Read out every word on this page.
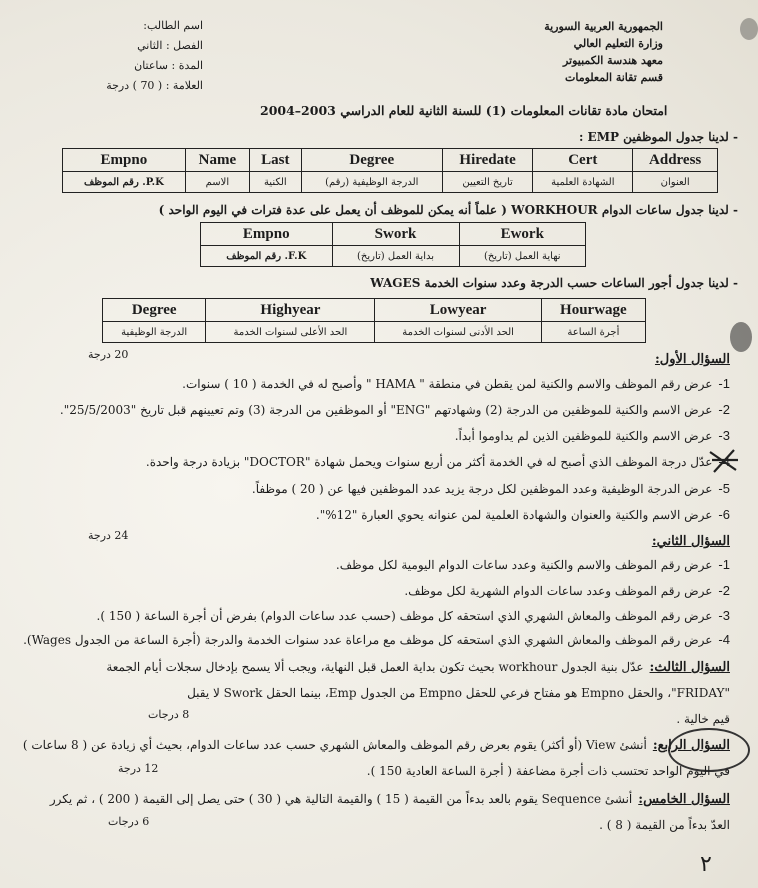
الجمهورية العربية السورية
وزارة التعليم العالي
معهد هندسة الكمبيوتر
قسم تقانة المعلومات
اسم الطالب:
الفصل : الثاني
المدة : ساعتان
العلامة : ( 70 ) درجة
امتحان مادة تقانات المعلومات (1) للسنة الثانية للعام الدراسي 2003–2004
- لدينا جدول الموظفين EMP :
Empno	Name	Last	Degree	Hiredate	Cert	Address
P.K. رقم الموظف	الاسم	الكنية	الدرجة الوظيفية (رقم)	تاريخ التعيين	الشهادة العلمية	العنوان
- لدينا جدول ساعات الدوام WORKHOUR ( علماً أنه يمكن للموظف أن يعمل على عدة فترات في اليوم الواحد )
Empno	Swork	Ework
F.K. رقم الموظف	بداية العمل (تاريخ)	نهاية العمل (تاريخ)
- لدينا جدول أجور الساعات حسب الدرجة وعدد سنوات الخدمة WAGES
Degree	Highyear	Lowyear	Hourwage
الدرجة الوظيفية	الحد الأعلى لسنوات الخدمة	الحد الأدنى لسنوات الخدمة	أجرة الساعة
السؤال الأول:
20 درجة
1-عرض رقم الموظف والاسم والكنية لمن يقطن في منطقة " HAMA " وأصبح له في الخدمة ( 10 ) سنوات.
2-عرض الاسم والكنية للموظفين من الدرجة (2) وشهادتهم "ENG" أو الموظفين من الدرجة (3) وتم تعيينهم قبل تاريخ "25/5/2003".
3-عرض الاسم والكنية للموظفين الذين لم يداوموا أبداً.
4-عدّل درجة الموظف الذي أصبح له في الخدمة أكثر من أربع سنوات ويحمل شهادة "DOCTOR" بزيادة درجة واحدة.
5-عرض الدرجة الوظيفية وعدد الموظفين لكل درجة يزيد عدد الموظفين فيها عن ( 20 ) موظفاً.
6-عرض الاسم والكنية والعنوان والشهادة العلمية لمن عنوانه يحوي العبارة "12%".
السؤال الثاني:
24 درجة
1-عرض رقم الموظف والاسم والكنية وعدد ساعات الدوام اليومية لكل موظف.
2-عرض رقم الموظف وعدد ساعات الدوام الشهرية لكل موظف.
3-عرض رقم الموظف والمعاش الشهري الذي استحقه كل موظف (حسب عدد ساعات الدوام) بفرض أن أجرة الساعة ( 150 ).
4-عرض رقم الموظف والمعاش الشهري الذي استحقه كل موظف مع مراعاة عدد سنوات الخدمة والدرجة (أجرة الساعة من الجدول Wages).
السؤال الثالث:عدّل بنية الجدول workhour بحيث تكون بداية العمل قبل النهاية، ويجب ألا يسمح بإدخال سجلات أيام الجمعة
"FRIDAY"، والحقل Empno هو مفتاح فرعي للحقل Empno من الجدول Emp، بينما الحقل Swork لا يقبل
قيم خالية .
8 درجات
السؤال الرابع:أنشئ View (أو أكثر) يقوم بعرض رقم الموظف والمعاش الشهري حسب عدد ساعات الدوام، بحيث أي زيادة عن ( 8 ساعات )
في اليوم الواحد تحتسب ذات أجرة مضاعفة ( أجرة الساعة العادية 150 ).
12 درجة
السؤال الخامس:أنشئ Sequence يقوم بالعد بدءاً من القيمة ( 15 ) والقيمة التالية هي ( 30 ) حتى يصل إلى القيمة ( 200 ) ، ثم يكرر
العدّ بدءاً من القيمة ( 8 ) .
6 درجات
٢
